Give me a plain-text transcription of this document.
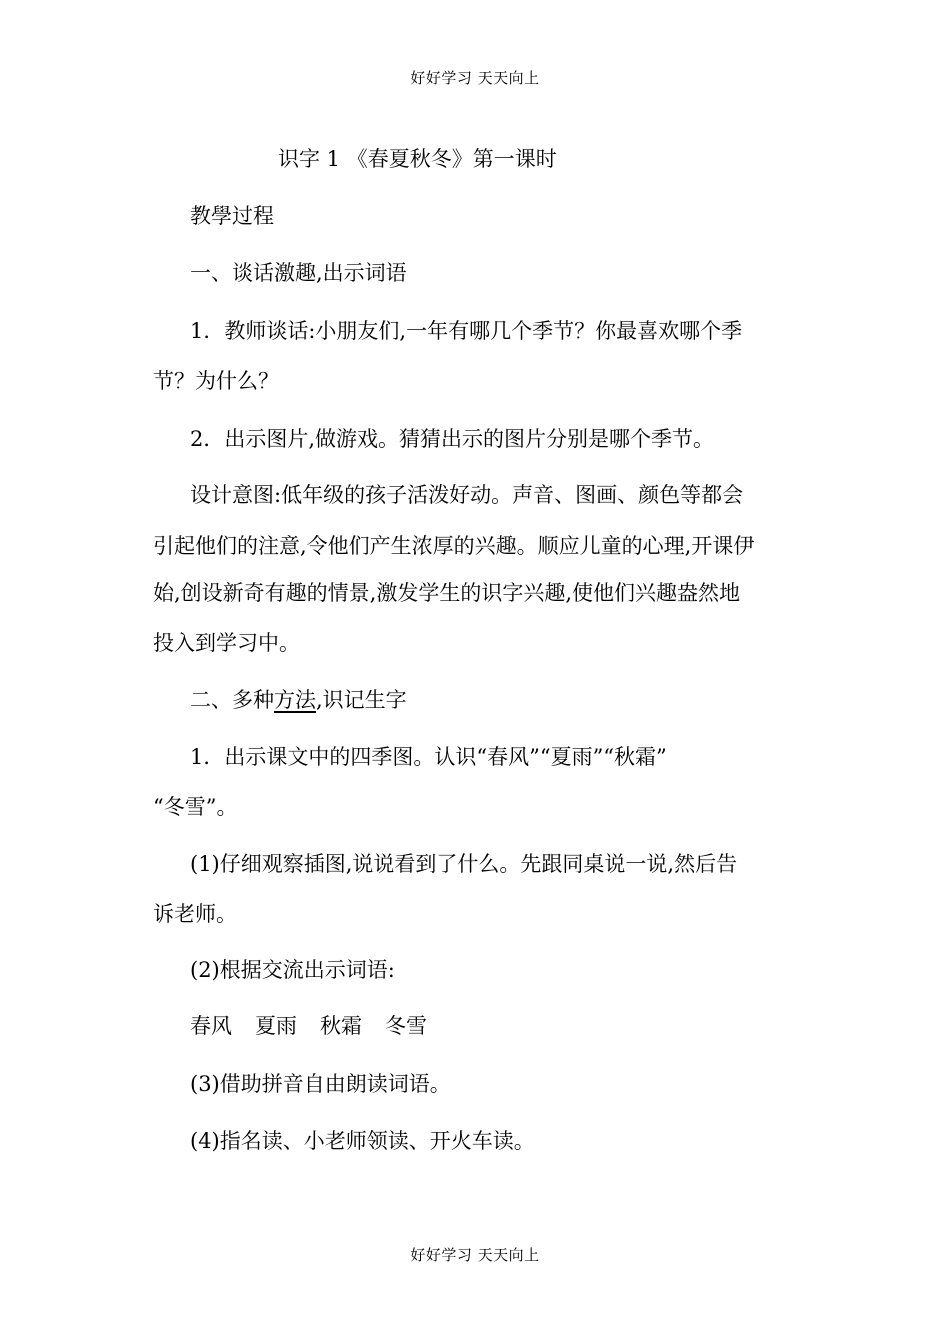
好好学习 天天向上
识字 1 《春夏秋冬》第一课时
教學过程
一、谈话激趣,出示词语
1．教师谈话:小朋友们,一年有哪几个季节？你最喜欢哪个季
节？为什么？
2．出示图片,做游戏。猜猜出示的图片分别是哪个季节。
设计意图:低年级的孩子活泼好动。声音、图画、颜色等都会
引起他们的注意,令他们产生浓厚的兴趣。顺应儿童的心理,开课伊
始,创设新奇有趣的情景,激发学生的识字兴趣,使他们兴趣盎然地
投入到学习中。
二、多种方法,识记生字
1．出示课文中的四季图。认识“春风”“夏雨”“秋霜”
“冬雪”。
(1)仔细观察插图,说说看到了什么。先跟同桌说一说,然后告
诉老师。
(2)根据交流出示词语:
春风 夏雨 秋霜 冬雪
(3)借助拼音自由朗读词语。
(4)指名读、小老师领读、开火车读。
好好学习 天天向上
